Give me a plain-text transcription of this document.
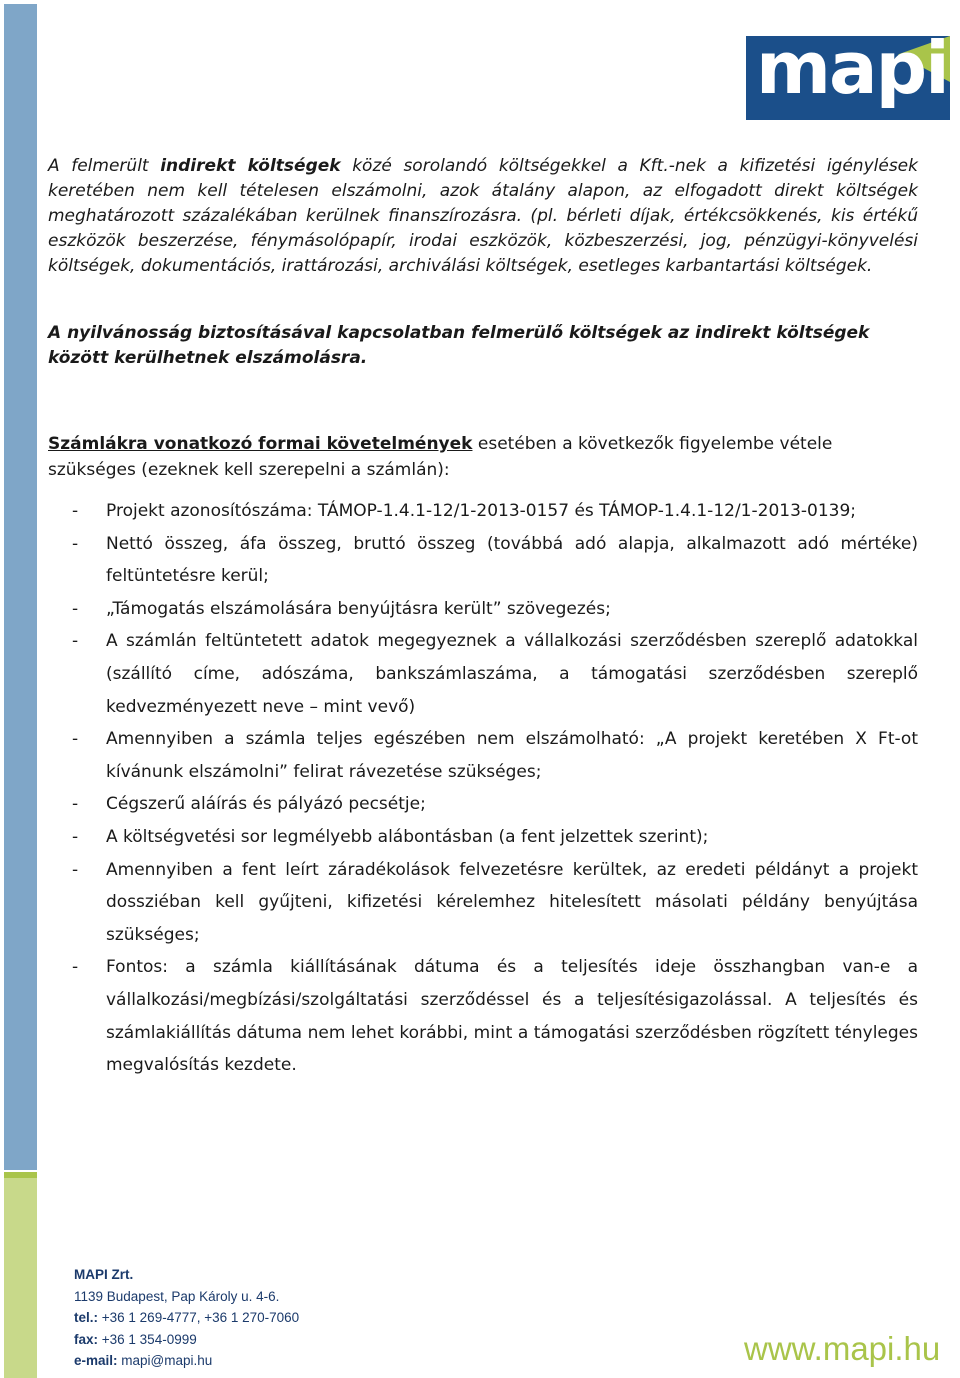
mapi
A felmerült indirekt költségek közé sorolandó költségekkel a Kft.-nek a kifizetési igénylések keretében nem kell tételesen elszámolni, azok átalány alapon, az elfogadott direkt költségek meghatározott százalékában kerülnek finanszírozásra. (pl. bérleti díjak, értékcsökkenés, kis értékű eszközök beszerzése, fénymásolópapír, irodai eszközök, közbeszerzési, jog, pénzügyi-könyvelési költségek, dokumentációs, irattározási, archiválási költségek, esetleges karbantartási költségek.
A nyilvánosság biztosításával kapcsolatban felmerülő költségek az indirekt költségek között kerülhetnek elszámolásra.
Számlákra vonatkozó formai követelmények esetében a következők figyelembe vétele szükséges (ezeknek kell szerepelni a számlán):
- Projekt azonosítószáma: TÁMOP-1.4.1-12/1-2013-0157 és TÁMOP-1.4.1-12/1-2013-0139;
- Nettó összeg, áfa összeg, bruttó összeg (továbbá adó alapja, alkalmazott adó mértéke) feltüntetésre kerül;
- „Támogatás elszámolására benyújtásra került” szövegezés;
- A számlán feltüntetett adatok megegyeznek a vállalkozási szerződésben szereplő adatokkal (szállító címe, adószáma, bankszámlaszáma, a támogatási szerződésben szereplő kedvezményezett neve – mint vevő)
- Amennyiben a számla teljes egészében nem elszámolható: „A projekt keretében X Ft-ot kívánunk elszámolni” felirat rávezetése szükséges;
- Cégszerű aláírás és pályázó pecsétje;
- A költségvetési sor legmélyebb alábontásban (a fent jelzettek szerint);
- Amennyiben a fent leírt záradékolások felvezetésre kerültek, az eredeti példányt a projekt dossziéban kell gyűjteni, kifizetési kérelemhez hitelesített másolati példány benyújtása szükséges;
- Fontos: a számla kiállításának dátuma és a teljesítés ideje összhangban van-e a vállalkozási/megbízási/szolgáltatási szerződéssel és a teljesítésigazolással. A teljesítés és számlakiállítás dátuma nem lehet korábbi, mint a támogatási szerződésben rögzített tényleges megvalósítás kezdete.
MAPI Zrt.
1139 Budapest, Pap Károly u. 4-6.
tel.: +36 1 269-4777, +36 1 270-7060
fax: +36 1 354-0999
e-mail: mapi@mapi.hu	www.mapi.hu
